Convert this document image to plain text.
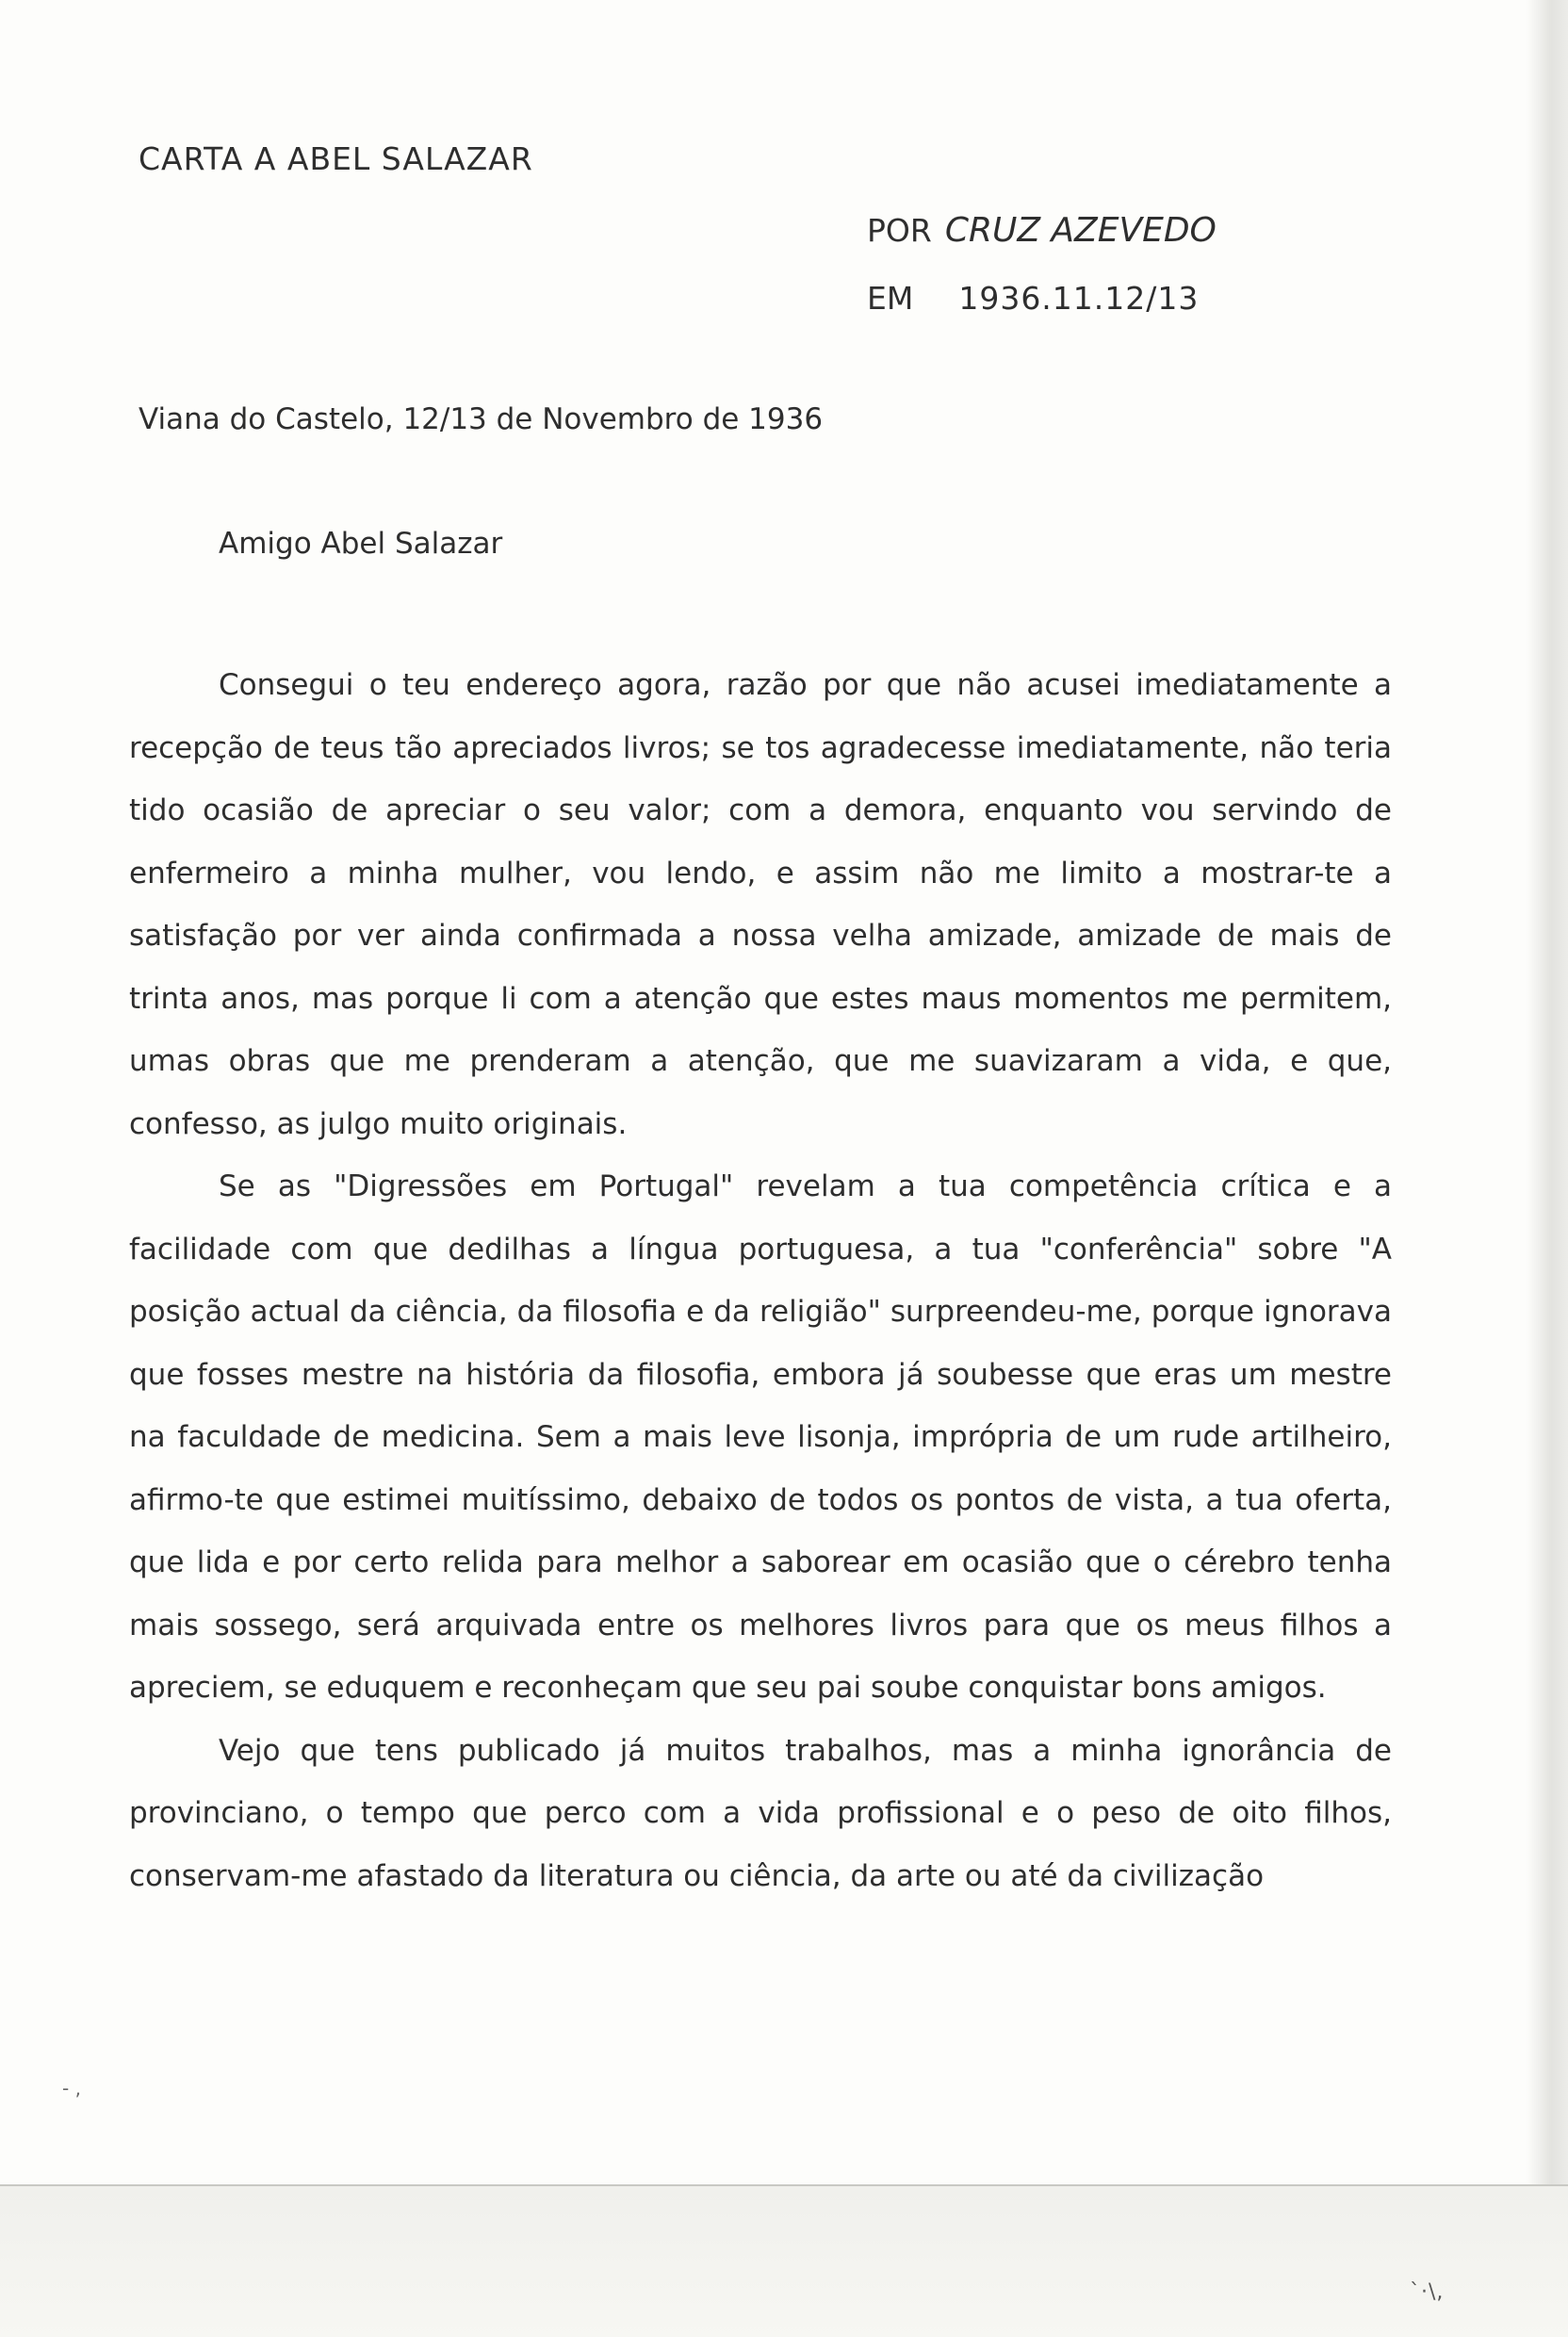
CARTA A ABEL SALAZAR
POR CRUZ AZEVEDO
EM 1936.11.12/13
Viana do Castelo, 12/13 de Novembro de 1936
Amigo Abel Salazar

Consegui o teu endereço agora, razão por que não acusei imediatamente a recepção de teus tão apreciados livros; se tos agradecesse imediatamente, não teria tido ocasião de apreciar o seu valor; com a demora, enquanto vou servindo de enfermeiro a minha mulher, vou lendo, e assim não me limito a mostrar-te a satisfação por ver ainda confirmada a nossa velha amizade, amizade de mais de trinta anos, mas porque li com a atenção que estes maus momentos me permitem, umas obras que me prenderam a atenção, que me suavizaram a vida, e que, confesso, as julgo muito originais.

Se as "Digressões em Portugal" revelam a tua competência crítica e a facilidade com que dedilhas a língua portuguesa, a tua "conferência" sobre "A posição actual da ciência, da filosofia e da religião" surpreendeu-me, porque ignorava que fosses mestre na história da filosofia, embora já soubesse que eras um mestre na faculdade de medicina. Sem a mais leve lisonja, imprópria de um rude artilheiro, afirmo-te que estimei muitíssimo, debaixo de todos os pontos de vista, a tua oferta, que lida e por certo relida para melhor a saborear em ocasião que o cérebro tenha mais sossego, será arquivada entre os melhores livros para que os meus filhos a apreciem, se eduquem e reconheçam que seu pai soube conquistar bons amigos.

Vejo que tens publicado já muitos trabalhos, mas a minha ignorância de provinciano, o tempo que perco com a vida profissional e o peso de oito filhos, conservam-me afastado da literatura ou ciência, da arte ou até da civilização

- ,
`·\,
